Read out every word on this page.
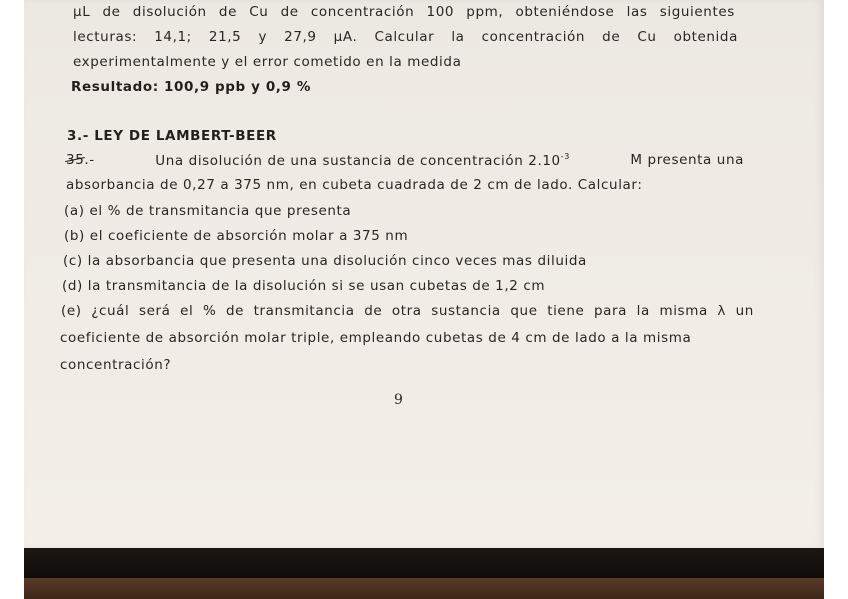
μL de disolución de Cu de concentración 100 ppm, obteniéndose las siguientes
lecturas: 14,1; 21,5 y 27,9 μA. Calcular la concentración de Cu obtenida
experimentalmente y el error cometido en la medida
Resultado: 100,9 ppb y 0,9 %
3.- LEY DE LAMBERT-BEER
35.-	Una disolución de una sustancia de concentración $2.10^{-3}$	M presenta una
absorbancia de 0,27 a 375 nm, en cubeta cuadrada de 2 cm de lado. Calcular:
(a) el % de transmitancia que presenta
(b) el coeficiente de absorción molar a 375 nm
(c) la absorbancia que presenta una disolución cinco veces mas diluida
(d) la transmitancia de la disolución si se usan cubetas de 1,2 cm
(e) ¿cuál será el % de transmitancia de otra sustancia que tiene para la misma λ un
coeficiente de absorción molar triple, empleando cubetas de 4 cm de lado a la misma
concentración?
9
